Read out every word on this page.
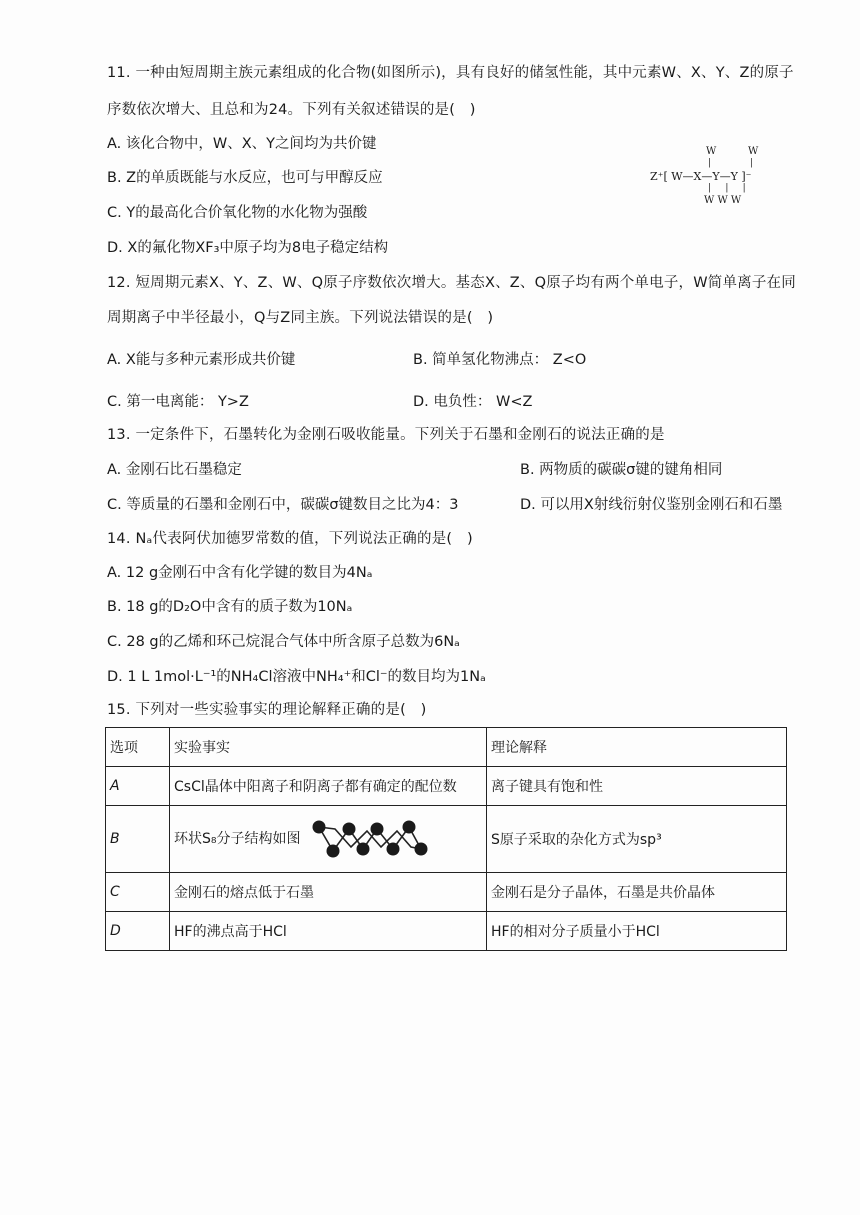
11. 一种由短周期主族元素组成的化合物(如图所示)，具有良好的储氢性能，其中元素W、X、Y、Z的原子
序数依次增大、且总和为24。下列有关叙述错误的是(　)
A. 该化合物中，W、X、Y之间均为共价键
B. Z的单质既能与水反应，也可与甲醇反应
C. Y的最高化合价氧化物的水化物为强酸
D. X的氟化物XF₃中原子均为8电子稳定结构
W	W
|	|
Z⁺[ W—X—Y—Y ]⁻
|     |     |
W W W
12. 短周期元素X、Y、Z、W、Q原子序数依次增大。基态X、Z、Q原子均有两个单电子，W简单离子在同
周期离子中半径最小，Q与Z同主族。下列说法错误的是(　)
A. X能与多种元素形成共价键	B. 简单氢化物沸点： Z<O
C. 第一电离能： Y>Z	D. 电负性： W<Z
13. 一定条件下，石墨转化为金刚石吸收能量。下列关于石墨和金刚石的说法正确的是
A. 金刚石比石墨稳定	B. 两物质的碳碳σ键的键角相同
C. 等质量的石墨和金刚石中，碳碳σ键数目之比为4：3	D. 可以用X射线衍射仪鉴别金刚石和石墨
14. Nₐ代表阿伏加德罗常数的值，下列说法正确的是(　)
A. 12 g金刚石中含有化学键的数目为4Nₐ
B. 18 g的D₂O中含有的质子数为10Nₐ
C. 28 g的乙烯和环己烷混合气体中所含原子总数为6Nₐ
D. 1 L 1mol·L⁻¹的NH₄Cl溶液中NH₄⁺和Cl⁻的数目均为1Nₐ
15. 下列对一些实验事实的理论解释正确的是(　)
选项	实验事实	理论解释
A	CsCl晶体中阳离子和阴离子都有确定的配位数	离子键具有饱和性
B	环状S₈分子结构如图	S原子采取的杂化方式为sp³
C	金刚石的熔点低于石墨	金刚石是分子晶体，石墨是共价晶体
D	HF的沸点高于HCl	HF的相对分子质量小于HCl
